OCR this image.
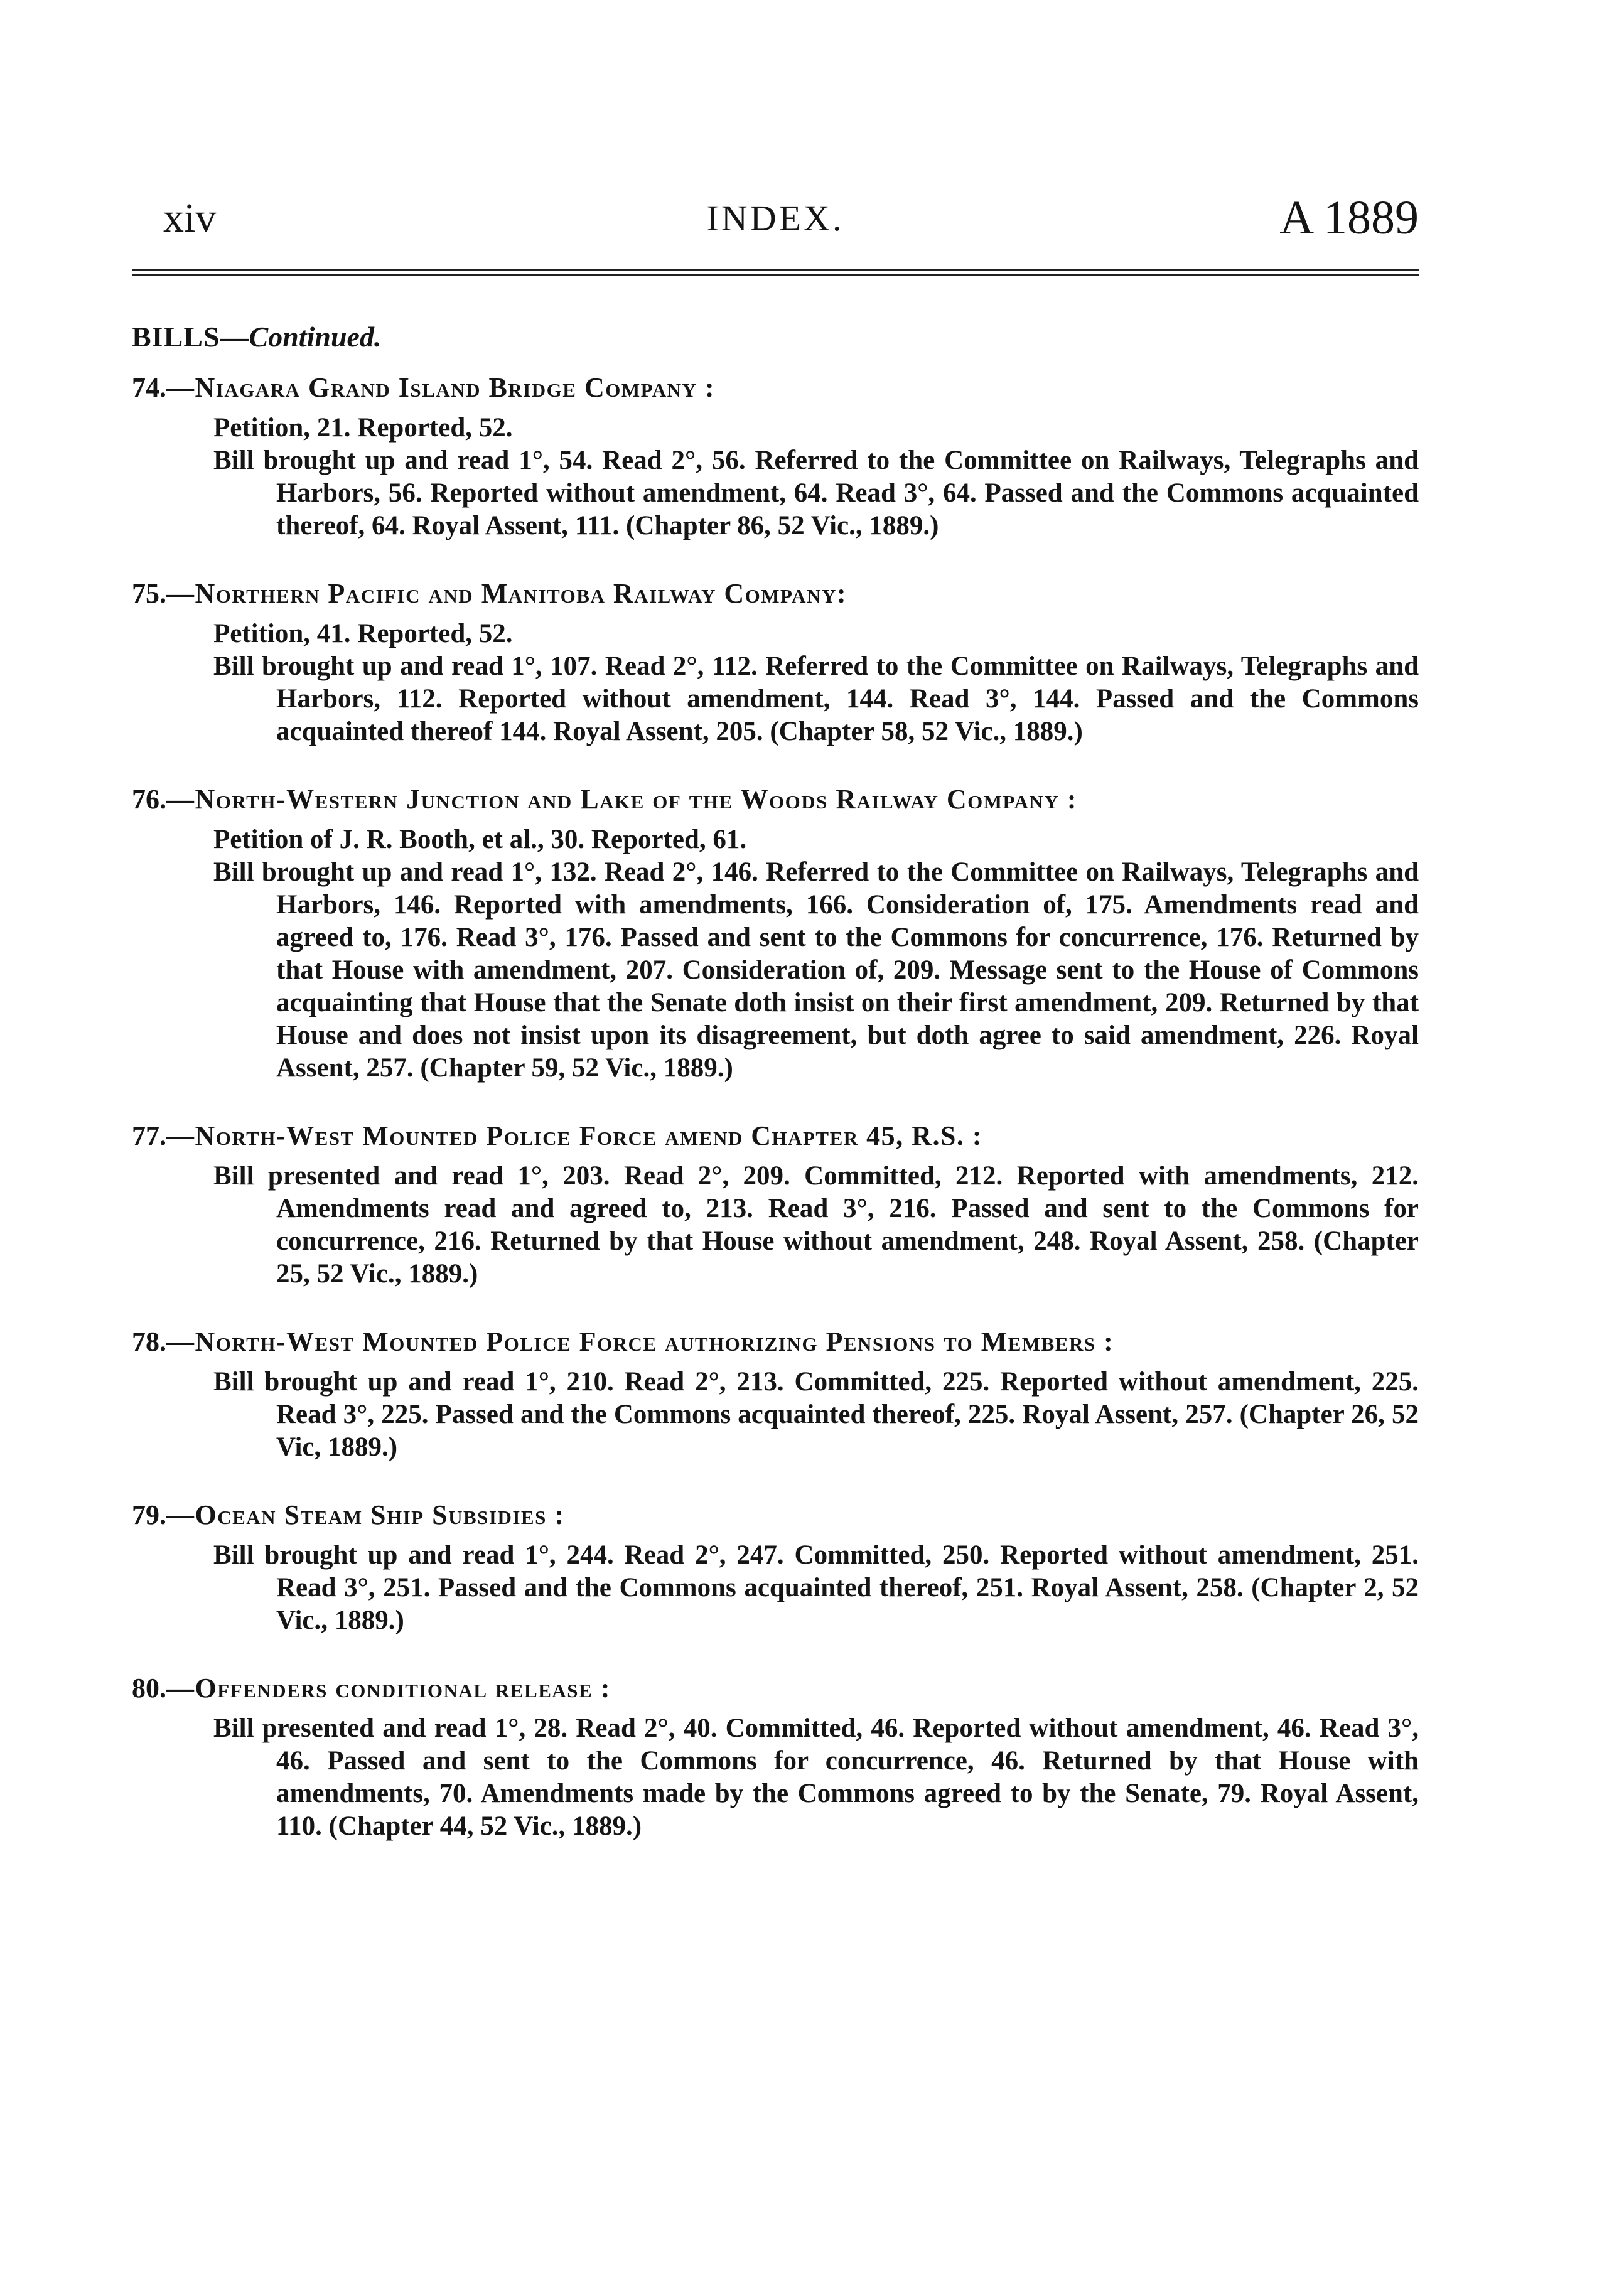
xiv	INDEX.	A 1889
BILLS—Continued.
74.—Niagara Grand Island Bridge Company :
Petition, 21. Reported, 52.
Bill brought up and read 1°, 54. Read 2°, 56. Referred to the Committee on Railways, Telegraphs and Harbors, 56. Reported without amendment, 64. Read 3°, 64. Passed and the Commons acquainted thereof, 64. Royal Assent, 111. (Chapter 86, 52 Vic., 1889.)
75.—Northern Pacific and Manitoba Railway Company:
Petition, 41. Reported, 52.
Bill brought up and read 1°, 107. Read 2°, 112. Referred to the Committee on Railways, Telegraphs and Harbors, 112. Reported without amendment, 144. Read 3°, 144. Passed and the Commons acquainted thereof 144. Royal Assent, 205. (Chapter 58, 52 Vic., 1889.)
76.—North-Western Junction and Lake of the Woods Railway Company :
Petition of J. R. Booth, et al., 30. Reported, 61.
Bill brought up and read 1°, 132. Read 2°, 146. Referred to the Committee on Railways, Telegraphs and Harbors, 146. Reported with amendments, 166. Consideration of, 175. Amendments read and agreed to, 176. Read 3°, 176. Passed and sent to the Commons for concurrence, 176. Returned by that House with amendment, 207. Consideration of, 209. Message sent to the House of Commons acquainting that House that the Senate doth insist on their first amendment, 209. Returned by that House and does not insist upon its disagreement, but doth agree to said amendment, 226. Royal Assent, 257. (Chapter 59, 52 Vic., 1889.)
77.—North-West Mounted Police Force amend Chapter 45, R.S. :
Bill presented and read 1°, 203. Read 2°, 209. Committed, 212. Reported with amendments, 212. Amendments read and agreed to, 213. Read 3°, 216. Passed and sent to the Commons for concurrence, 216. Returned by that House without amendment, 248. Royal Assent, 258. (Chapter 25, 52 Vic., 1889.)
78.—North-West Mounted Police Force authorizing Pensions to Members :
Bill brought up and read 1°, 210. Read 2°, 213. Committed, 225. Reported without amendment, 225. Read 3°, 225. Passed and the Commons acquainted thereof, 225. Royal Assent, 257. (Chapter 26, 52 Vic, 1889.)
79.—Ocean Steam Ship Subsidies :
Bill brought up and read 1°, 244. Read 2°, 247. Committed, 250. Reported without amendment, 251. Read 3°, 251. Passed and the Commons acquainted thereof, 251. Royal Assent, 258. (Chapter 2, 52 Vic., 1889.)
80.—Offenders conditional release :
Bill presented and read 1°, 28. Read 2°, 40. Committed, 46. Reported without amendment, 46. Read 3°, 46. Passed and sent to the Commons for concurrence, 46. Returned by that House with amendments, 70. Amendments made by the Commons agreed to by the Senate, 79. Royal Assent, 110. (Chapter 44, 52 Vic., 1889.)
